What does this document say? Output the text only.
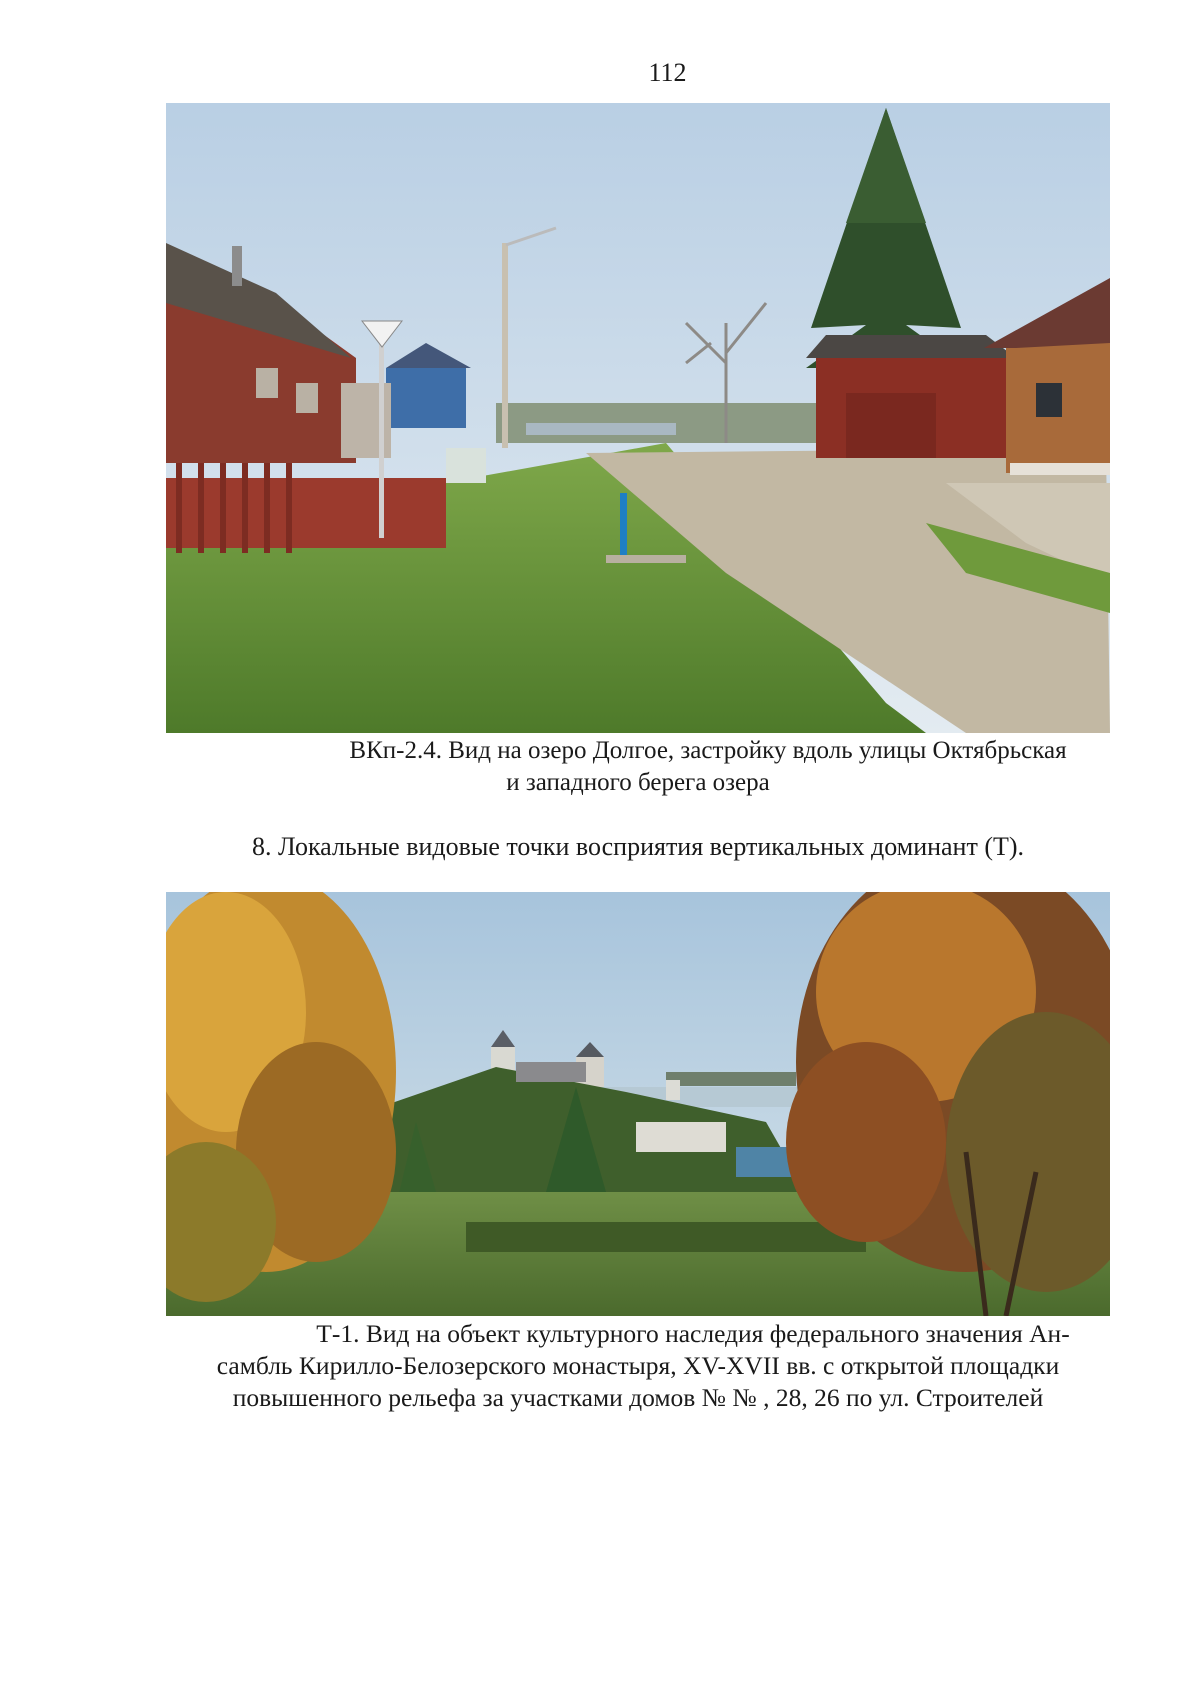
112
ВКп-2.4. Вид на озеро Долгое, застройку вдоль улицы Октябрьская
и западного берега озера
8. Локальные видовые точки восприятия вертикальных доминант (Т).
Т-1. Вид на объект культурного наследия федерального значения Ан-
самбль Кирилло-Белозерского монастыря, XV-XVII вв. с открытой площадки
повышенного рельефа за участками домов № № , 28, 26 по ул. Строителей
